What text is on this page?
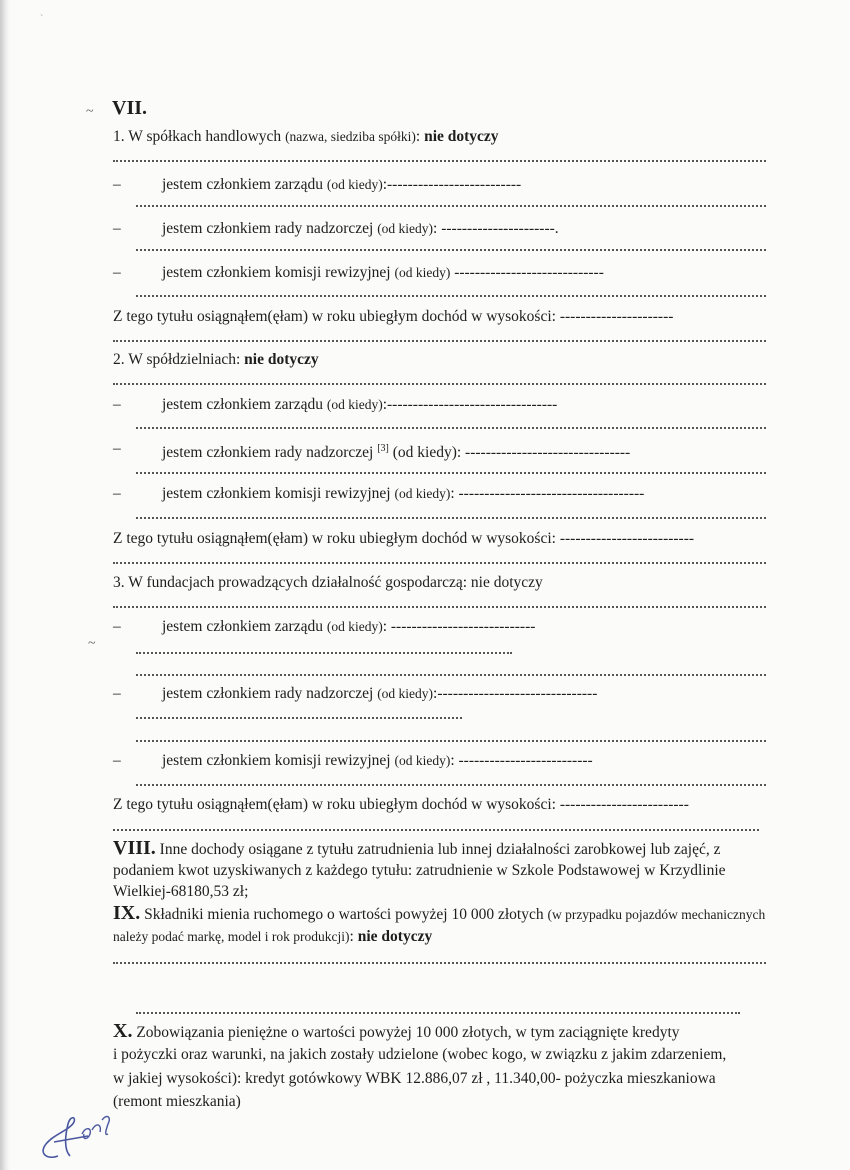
`
~
~
VII.
1. W spółkach handlowych (nazwa, siedziba spółki): nie dotyczy
–	jestem członkiem zarządu (od kiedy):--------------------------
–	jestem członkiem rady nadzorczej (od kiedy): ----------------------.
–	jestem członkiem komisji rewizyjnej (od kiedy) -----------------------------
Z tego tytułu osiągnąłem(ęłam) w roku ubiegłym dochód w wysokości: ----------------------
2. W spółdzielniach: nie dotyczy
–	jestem członkiem zarządu (od kiedy):---------------------------------
–	jestem członkiem rady nadzorczej [3] (od kiedy): --------------------------------
–	jestem członkiem komisji rewizyjnej (od kiedy): ------------------------------------
Z tego tytułu osiągnąłem(ęłam) w roku ubiegłym dochód w wysokości: --------------------------
3. W fundacjach prowadzących działalność gospodarczą: nie dotyczy
–	jestem członkiem zarządu (od kiedy): ----------------------------
–	jestem członkiem rady nadzorczej (od kiedy):-------------------------------
–	jestem członkiem komisji rewizyjnej (od kiedy): --------------------------
Z tego tytułu osiągnąłem(ęłam) w roku ubiegłym dochód w wysokości: -------------------------
VIII. Inne dochody osiągane z tytułu zatrudnienia lub innej działalności zarobkowej lub zajęć, z podaniem kwot uzyskiwanych z każdego tytułu: zatrudnienie w Szkole Podstawowej w Krzydlinie Wielkiej-68180,53 zł;
IX. Składniki mienia ruchomego o wartości powyżej 10 000 złotych (w przypadku pojazdów mechanicznych należy podać markę, model i rok produkcji): nie dotyczy
X. Zobowiązania pieniężne o wartości powyżej 10 000 złotych, w tym zaciągnięte kredyty
i pożyczki oraz warunki, na jakich zostały udzielone (wobec kogo, w związku z jakim zdarzeniem,
w jakiej wysokości): kredyt gotówkowy WBK 12.886,07 zł , 11.340,00- pożyczka mieszkaniowa
(remont mieszkania)
